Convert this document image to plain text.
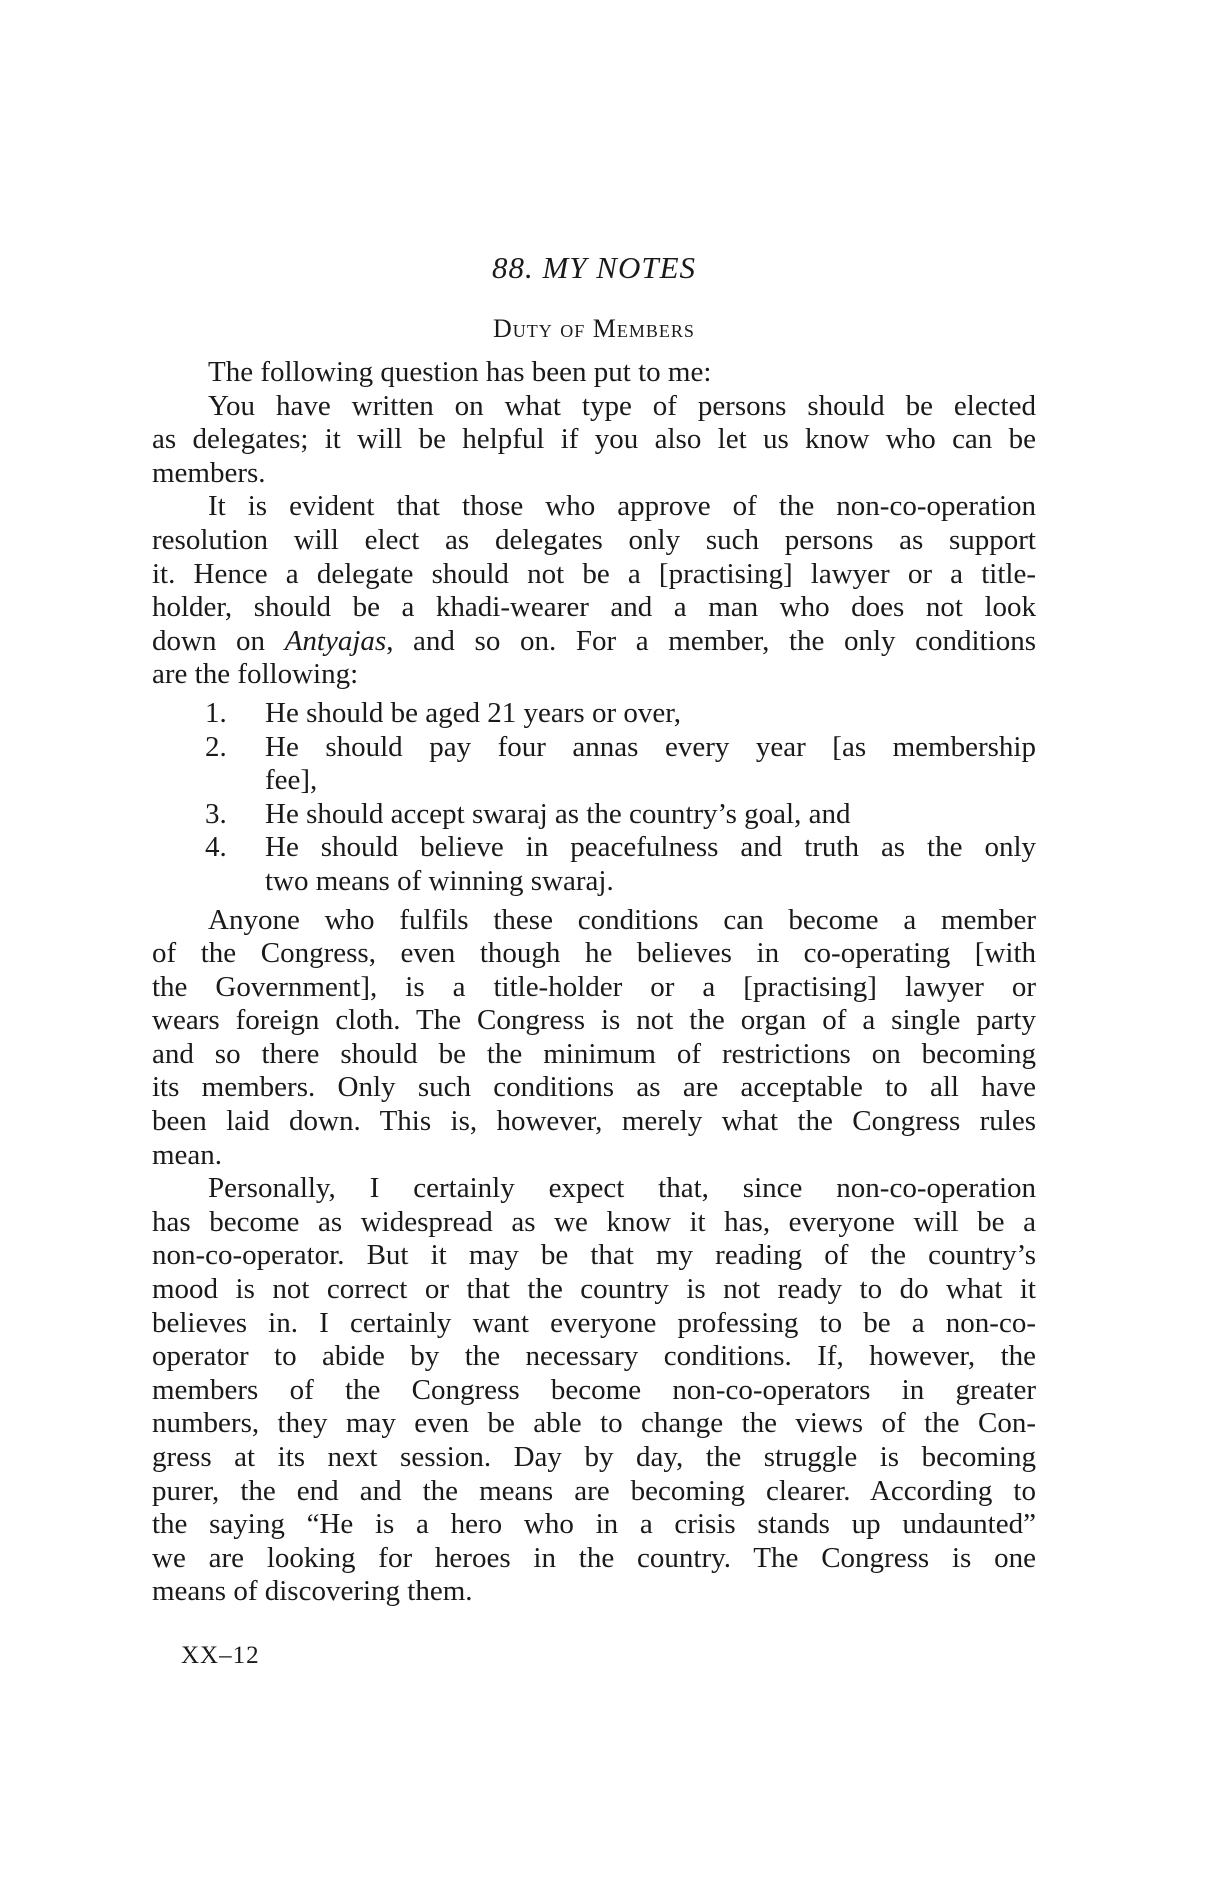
CWMG - XX
88. MY NOTES
Duty of Members
The following question has been put to me:
You have written on what type of persons should be elected
as delegates; it will be helpful if you also let us know who can be
members.
It is evident that those who approve of the non-co-operation
resolution will elect as delegates only such persons as support
it. Hence a delegate should not be a [practising] lawyer or a title-
holder, should be a khadi-wearer and a man who does not look
down on Antyajas, and so on. For a member, the only conditions
are the following:
1. He should be aged 21 years or over,
2. He should pay four annas every year [as membership
fee],
3. He should accept swaraj as the country’s goal, and
4. He should believe in peacefulness and truth as the only
two means of winning swaraj.
Anyone who fulfils these conditions can become a member
of the Congress, even though he believes in co-operating [with
the Government], is a title-holder or a [practising] lawyer or
wears foreign cloth. The Congress is not the organ of a single party
and so there should be the minimum of restrictions on becoming
its members. Only such conditions as are acceptable to all have
been laid down. This is, however, merely what the Congress rules
mean.
Personally, I certainly expect that, since non-co-operation
has become as widespread as we know it has, everyone will be a
non-co-operator. But it may be that my reading of the country’s
mood is not correct or that the country is not ready to do what it
believes in. I certainly want everyone professing to be a non-co-
operator to abide by the necessary conditions. If, however, the
members of the Congress become non-co-operators in greater
numbers, they may even be able to change the views of the Con-
gress at its next session. Day by day, the struggle is becoming
purer, the end and the means are becoming clearer. According to
the saying “He is a hero who in a crisis stands up undaunted”
we are looking for heroes in the country. The Congress is one
means of discovering them.
XX–12
